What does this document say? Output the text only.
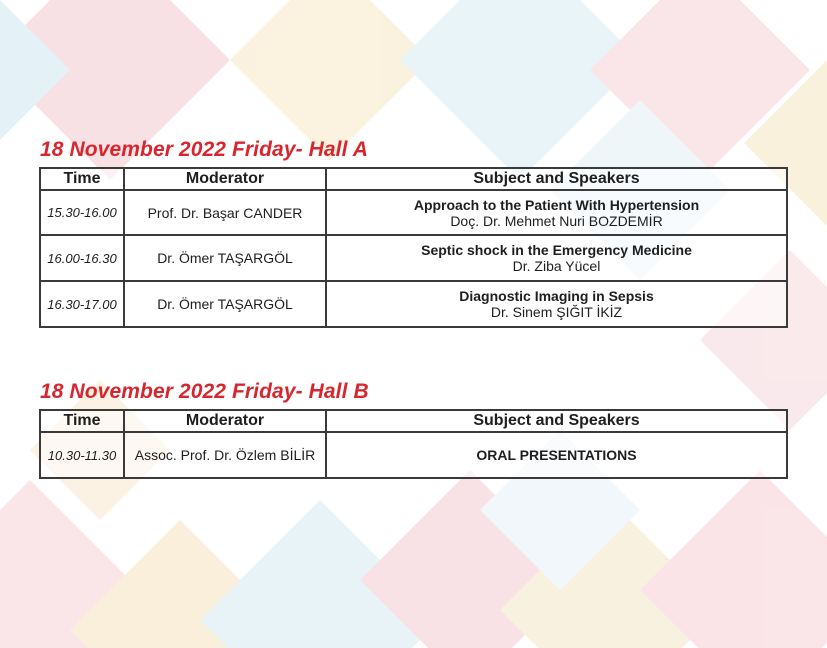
18 November 2022 Friday- Hall A
Time	Moderator	Subject and Speakers
15.30-16.00	Prof. Dr. Başar CANDER	Approach to the Patient With Hypertension
Doç. Dr. Mehmet Nuri BOZDEMİR

16.00-16.30	Dr. Ömer TAŞARGÖL	Septic shock in the Emergency Medicine
Dr. Ziba Yücel

16.30-17.00	Dr. Ömer TAŞARGÖL	Diagnostic Imaging in Sepsis
Dr. Sinem ŞIĞIT İKİZ
18 November 2022 Friday- Hall B
Time	Moderator	Subject and Speakers
10.30-11.30	Assoc. Prof. Dr. Özlem BİLİR	ORAL PRESENTATIONS
